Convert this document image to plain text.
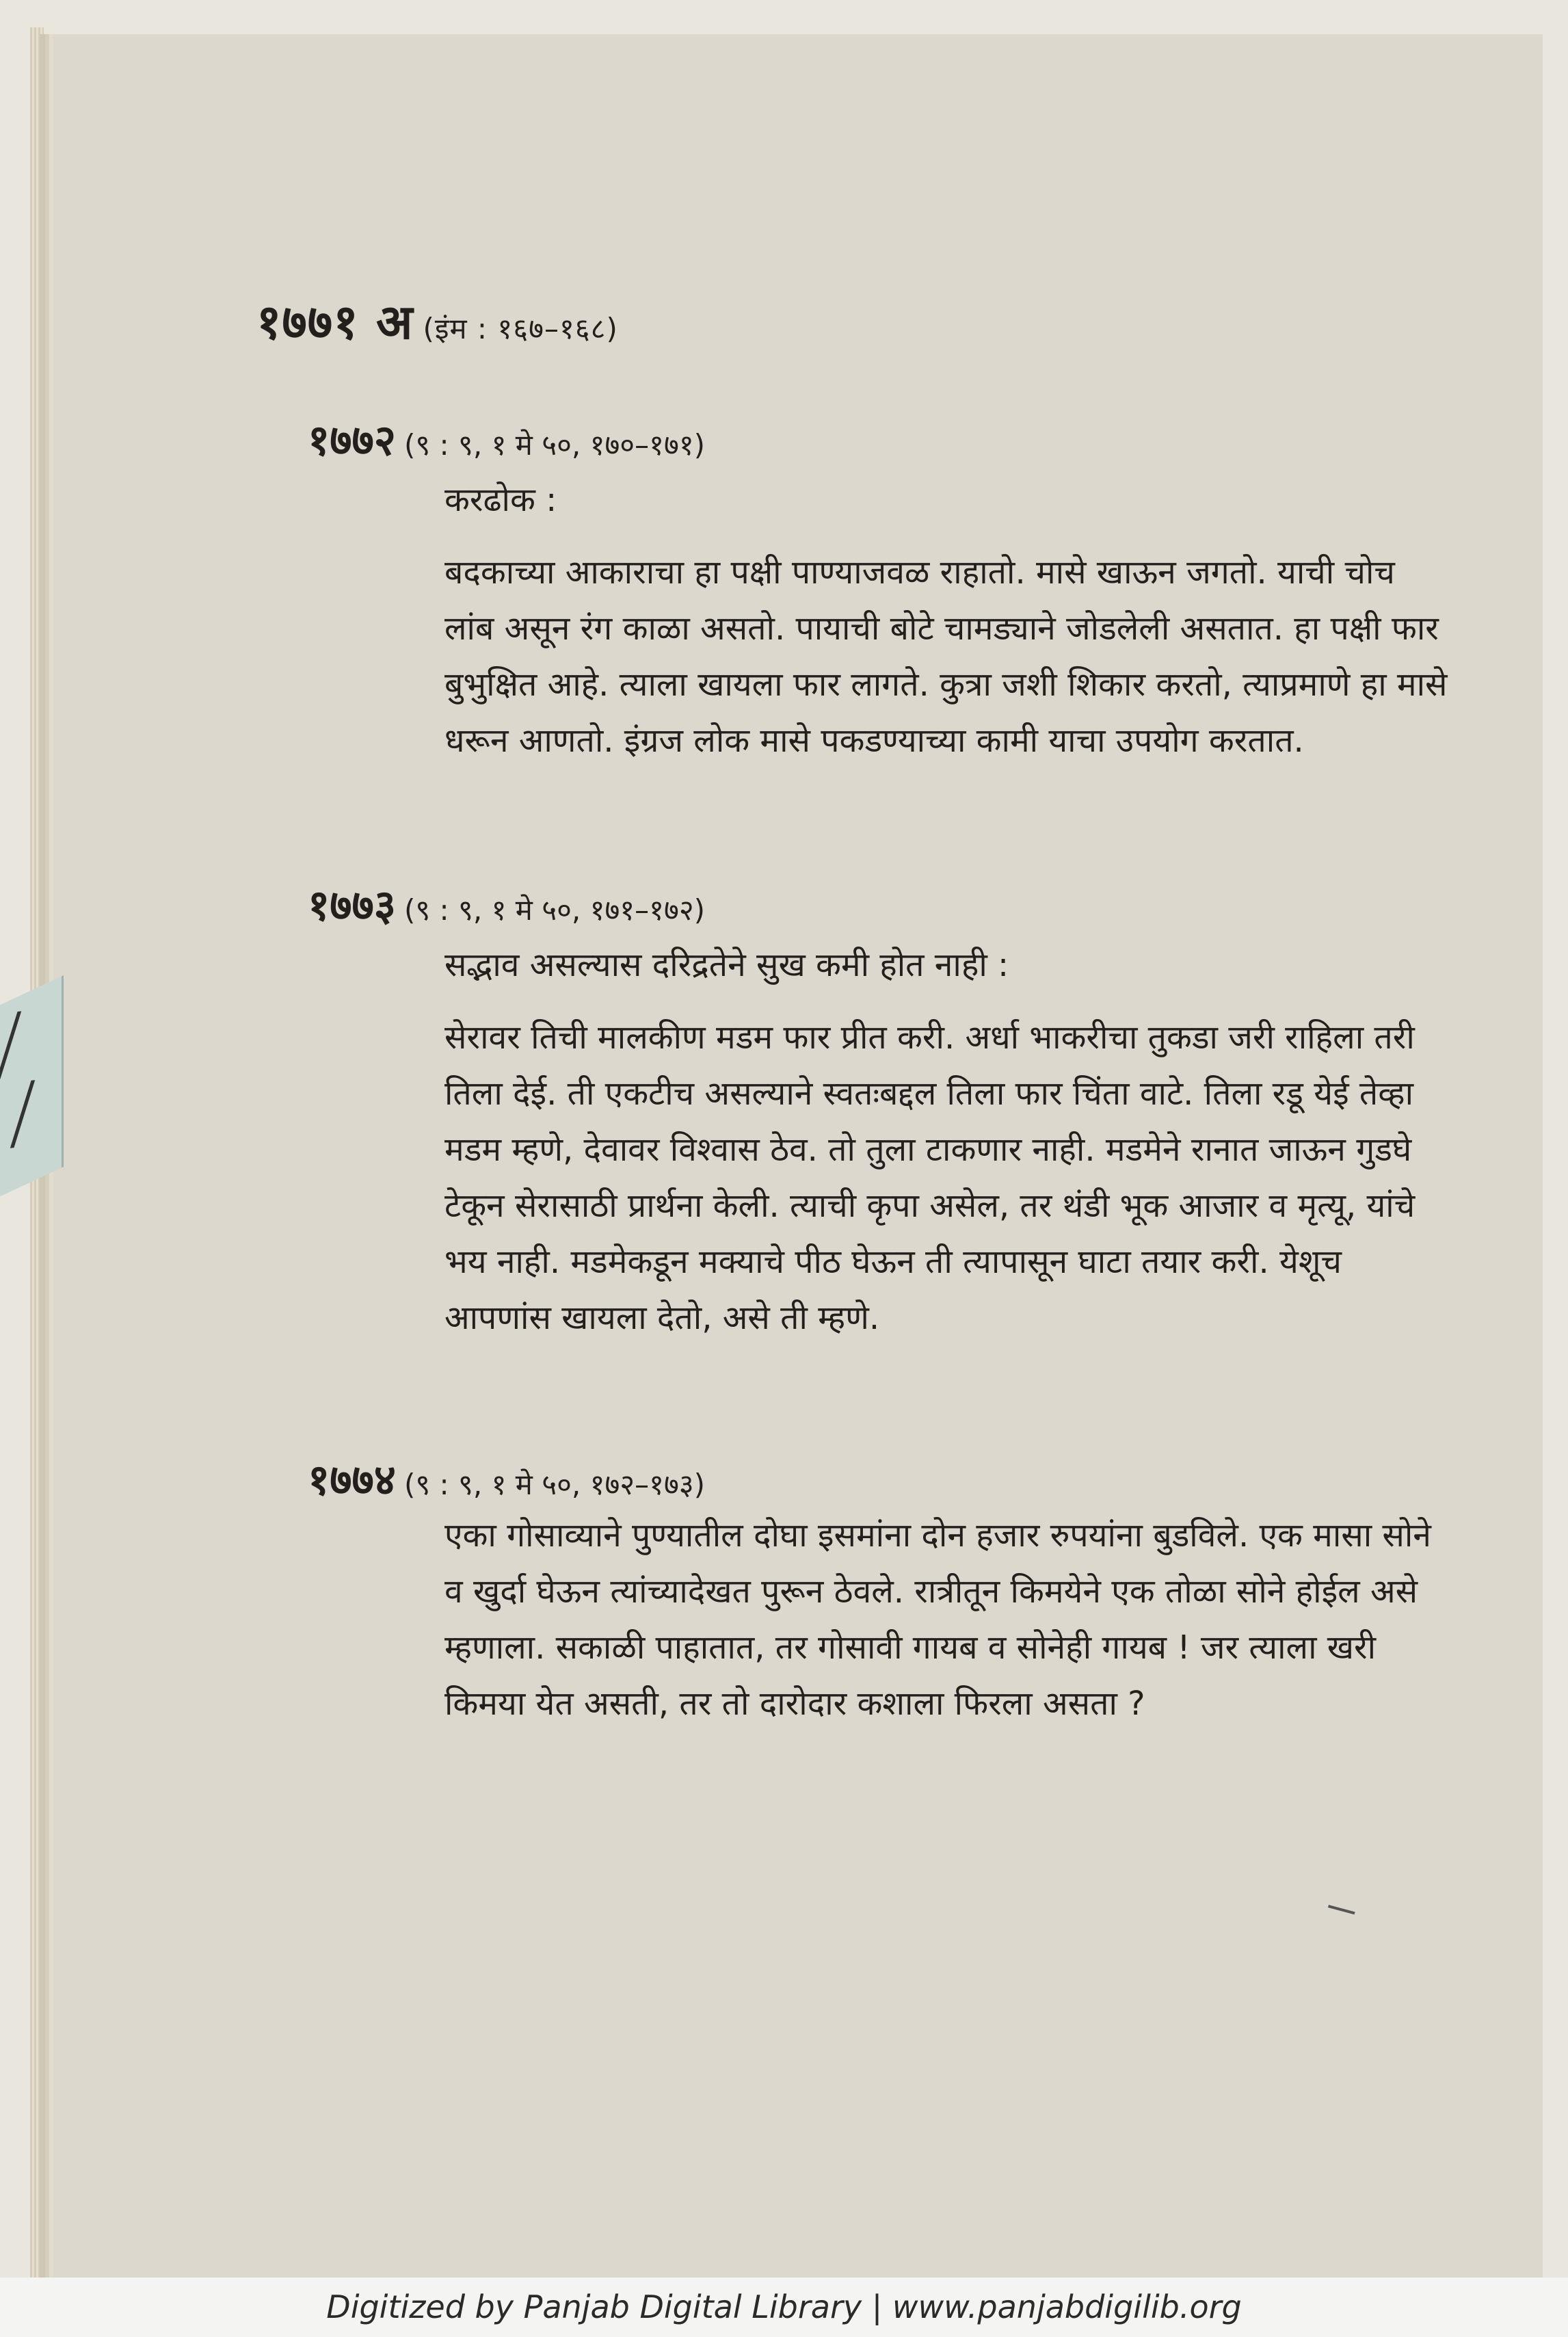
१७७१ अ (इंम : १६७–१६८)
१७७२ (९ : ९, १ मे ५०, १७०–१७१)
करढोक :

बदकाच्या आकाराचा हा पक्षी पाण्याजवळ राहातो. मासे खाऊन जगतो. याची चोच लांब असून रंग काळा असतो. पायाची बोटे चामड्याने जोडलेली असतात. हा पक्षी फार बुभुक्षित आहे. त्याला खायला फार लागते. कुत्रा जशी शिकार करतो, त्याप्रमाणे हा मासे धरून आणतो. इंग्रज लोक मासे पकडण्याच्या कामी याचा उपयोग करतात.

१७७३ (९ : ९, १ मे ५०, १७१–१७२)
सद्भाव असल्यास दरिद्रतेने सुख कमी होत नाही :

सेरावर तिची मालकीण मडम फार प्रीत करी. अर्धा भाकरीचा तुकडा जरी राहिला तरी तिला देई. ती एकटीच असल्याने स्वतःबद्दल तिला फार चिंता वाटे. तिला रडू येई तेव्हा मडम म्हणे, देवावर विश्वास ठेव. तो तुला टाकणार नाही. मडमेने रानात जाऊन गुडघे टेकून सेरासाठी प्रार्थना केली. त्याची कृपा असेल, तर थंडी भूक आजार व मृत्यू, यांचे भय नाही. मडमेकडून मक्याचे पीठ घेऊन ती त्यापासून घाटा तयार करी. येशूच आपणांस खायला देतो, असे ती म्हणे.

१७७४ (९ : ९, १ मे ५०, १७२–१७३)

एका गोसाव्याने पुण्यातील दोघा इसमांना दोन हजार रुपयांना बुडविले. एक मासा सोने व खुर्दा घेऊन त्यांच्यादेखत पुरून ठेवले. रात्रीतून किमयेने एक तोळा सोने होईल असे म्हणाला. सकाळी पाहातात, तर गोसावी गायब व सोनेही गायब ! जर त्याला खरी किमया येत असती, तर तो दारोदार कशाला फिरला असता ?

Digitized by Panjab Digital Library | www.panjabdigilib.org
